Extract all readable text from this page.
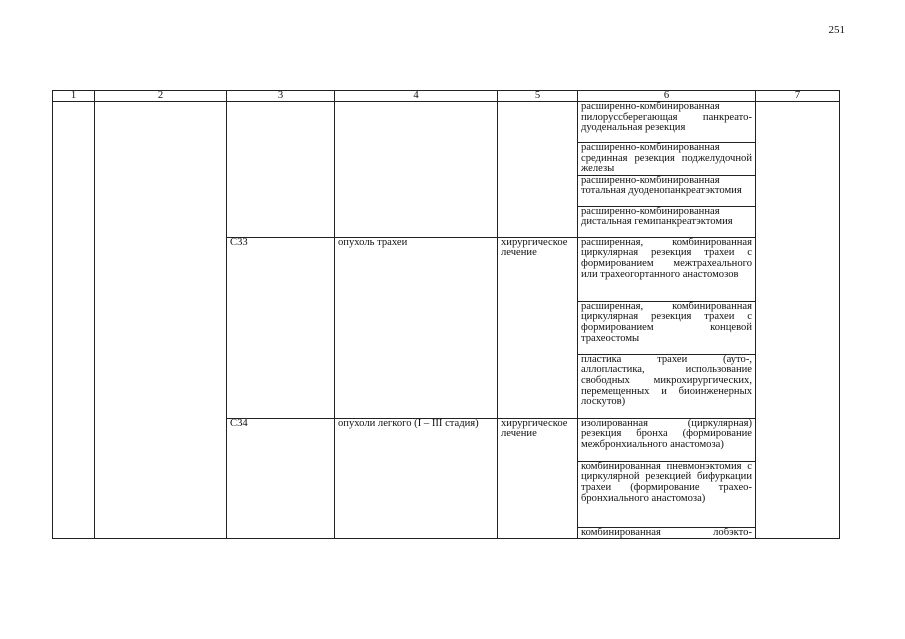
251
1	2	3	4	5	6	7
					расширенно-комбинированная пилоруссберегающая панкреато-дуоденальная резекция	
					расширенно-комбинированная срединная резекция поджелудочной железы	
					расширенно-комбинированная тотальная дуоденопанкреатэктомия	
					расширенно-комбинированная дистальная гемипанкреатэктомия	
		C33	опухоль трахеи	хирургическое лечение	расширенная, комбинированная циркулярная резекция трахеи с формированием межтрахеального или трахеогортанного анастомозов	
					расширенная, комбинированная циркулярная резекция трахеи с формированием концевой трахеостомы	
					пластика трахеи (ауто-, аллопластика, использование свободных микрохирургических, перемещенных и биоинженерных лоскутов)	
		C34	опухоли легкого (I – III стадия)	хирургическое лечение	изолированная (циркулярная) резекция бронха (формирование межбронхиального анастомоза)	
					комбинированная пневмонэктомия с циркулярной резекцией бифуркации трахеи (формирование трахео-бронхиального анастомоза)	
					комбинированная лобэкто-	
